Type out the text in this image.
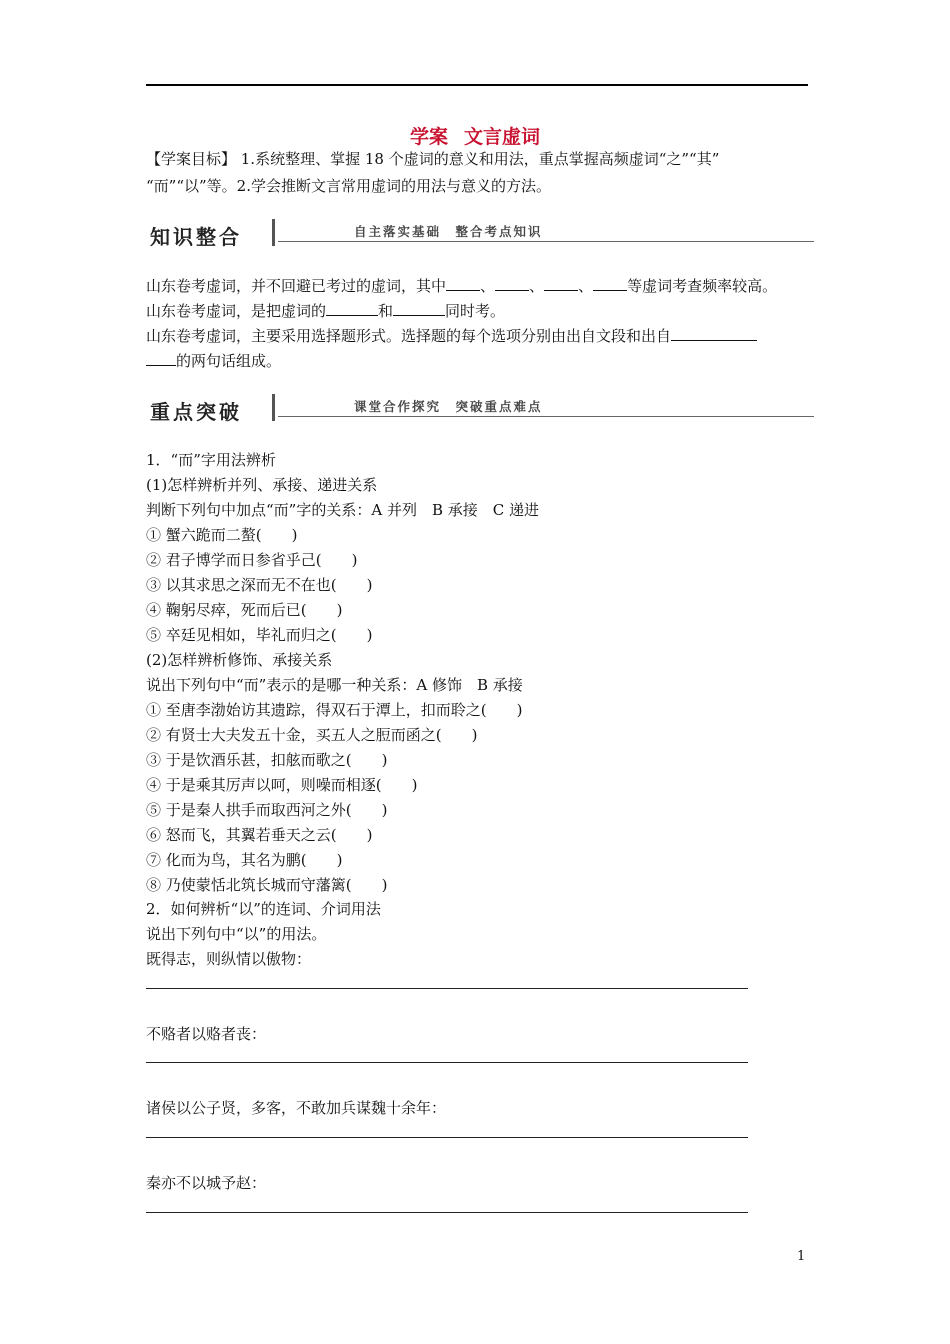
学案 文言虚词
【学案目标】 1.系统整理、掌握 18 个虚词的意义和用法，重点掌握高频虚词“之”“其”
“而”“以”等。2.学会推断文言常用虚词的用法与意义的方法。
知识整合	自主落实基础　整合考点知识
山东卷考虚词，并不回避已考过的虚词，其中 、 、 、 等虚词考查频率较高。
山东卷考虚词，是把虚词的	和	同时考。
山东卷考虚词，主要采用选择题形式。选择题的每个选项分别由出自文段和出自
的两句话组成。
重点突破	课堂合作探究　突破重点难点
1．“而”字用法辨析
(1)怎样辨析并列、承接、递进关系
判断下列句中加点“而”字的关系：A 并列　B 承接　C 递进
① 蟹六跪而二螯(　　)
② 君子博学而日参省乎己(　　)
③ 以其求思之深而无不在也(　　)
④ 鞠躬尽瘁，死而后已(　　)
⑤ 卒廷见相如，毕礼而归之(　　)
(2)怎样辨析修饰、承接关系
说出下列句中“而”表示的是哪一种关系：A 修饰　B 承接
① 至唐李渤始访其遗踪，得双石于潭上，扣而聆之(　　)
② 有贤士大夫发五十金，买五人之脰而函之(　　)
③ 于是饮酒乐甚，扣舷而歌之(　　)
④ 于是乘其厉声以呵，则噪而相逐(　　)
⑤ 于是秦人拱手而取西河之外(　　)
⑥ 怒而飞，其翼若垂天之云(　　)
⑦ 化而为鸟，其名为鹏(　　)
⑧ 乃使蒙恬北筑长城而守藩篱(　　)
2．如何辨析“以”的连词、介词用法
说出下列句中“以”的用法。
既得志，则纵情以傲物：
不赂者以赂者丧：
诸侯以公子贤，多客，不敢加兵谋魏十余年：
秦亦不以城予赵：
1
